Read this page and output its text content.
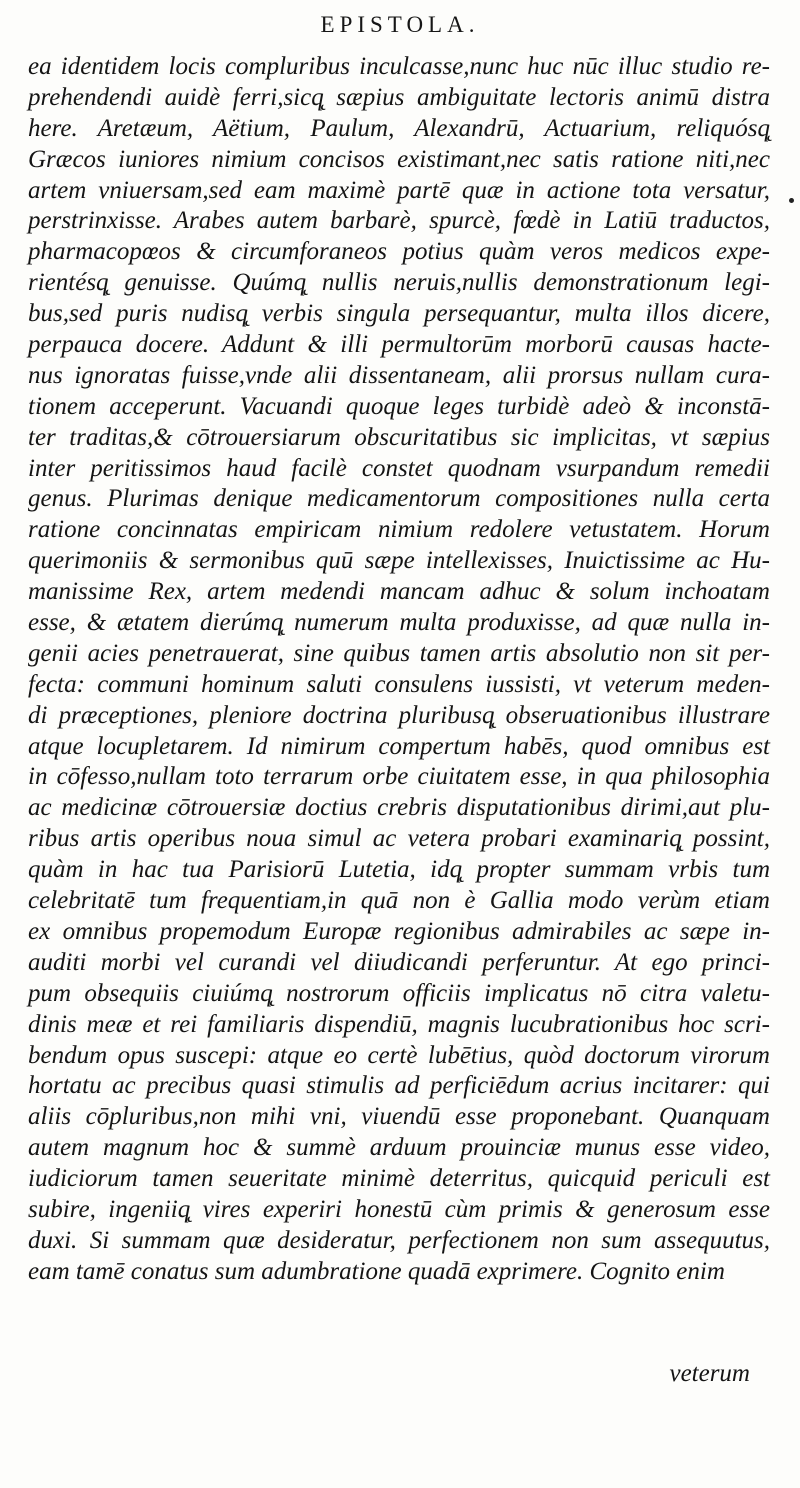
EPISTOLA.
ea identidem locis compluribus inculcasse,nunc huc nūc illuc studio re-
prehendendi auidè ferri,sicq̨ sæpius ambiguitate lectoris animū distra
here. Aretæum, Aëtium, Paulum, Alexandrū, Actuarium, reliquósq̨
Græcos iuniores nimium concisos existimant,nec satis ratione niti,nec
artem vniuersam,sed eam maximè partē quæ in actione tota versatur,
perstrinxisse. Arabes autem barbarè, spurcè, fœdè in Latiū traductos,
pharmacopœos & circumforaneos potius quàm veros medicos expe-
rientésq̨ genuisse. Quúmq̨ nullis neruis,nullis demonstrationum legi-
bus,sed puris nudisq̨ verbis singula persequantur, multa illos dicere,
perpauca docere. Addunt & illi permultorūm morborū causas hacte-
nus ignoratas fuisse,vnde alii dissentaneam, alii prorsus nullam cura-
tionem acceperunt. Vacuandi quoque leges turbidè adeò & inconstā-
ter traditas,& cōtrouersiarum obscuritatibus sic implicitas, vt sæpius
inter peritissimos haud facilè constet quodnam vsurpandum remedii
genus. Plurimas denique medicamentorum compositiones nulla certa
ratione concinnatas empiricam nimium redolere vetustatem. Horum
querimoniis & sermonibus quū sæpe intellexisses, Inuictissime ac Hu-
manissime Rex, artem medendi mancam adhuc & solum inchoatam
esse, & ætatem dierúmq̨ numerum multa produxisse, ad quæ nulla in-
genii acies penetrauerat, sine quibus tamen artis absolutio non sit per-
fecta: communi hominum saluti consulens iussisti, vt veterum meden-
di præceptiones, pleniore doctrina pluribusq̨ obseruationibus illustrare
atque locupletarem. Id nimirum compertum habēs, quod omnibus est
in cōfesso,nullam toto terrarum orbe ciuitatem esse, in qua philosophia
ac medicinæ cōtrouersiæ doctius crebris disputationibus dirimi,aut plu-
ribus artis operibus noua simul ac vetera probari examinariq̨ possint,
quàm in hac tua Parisiorū Lutetia, idq̨ propter summam vrbis tum
celebritatē tum frequentiam,in quā non è Gallia modo verùm etiam
ex omnibus propemodum Europæ regionibus admirabiles ac sæpe in-
auditi morbi vel curandi vel diiudicandi perferuntur. At ego princi-
pum obsequiis ciuiúmq̨ nostrorum officiis implicatus nō citra valetu-
dinis meæ et rei familiaris dispendiū, magnis lucubrationibus hoc scri-
bendum opus suscepi: atque eo certè lubētius, quòd doctorum virorum
hortatu ac precibus quasi stimulis ad perficiēdum acrius incitarer: qui
aliis cōpluribus,non mihi vni, viuendū esse proponebant. Quanquam
autem magnum hoc & summè arduum prouinciæ munus esse video,
iudiciorum tamen seueritate minimè deterritus, quicquid periculi est
subire, ingeniiq̨ vires experiri honestū cùm primis & generosum esse
duxi. Si summam quæ desideratur, perfectionem non sum assequutus,
eam tamē conatus sum adumbratione quadā exprimere. Cognito enim
veterum
